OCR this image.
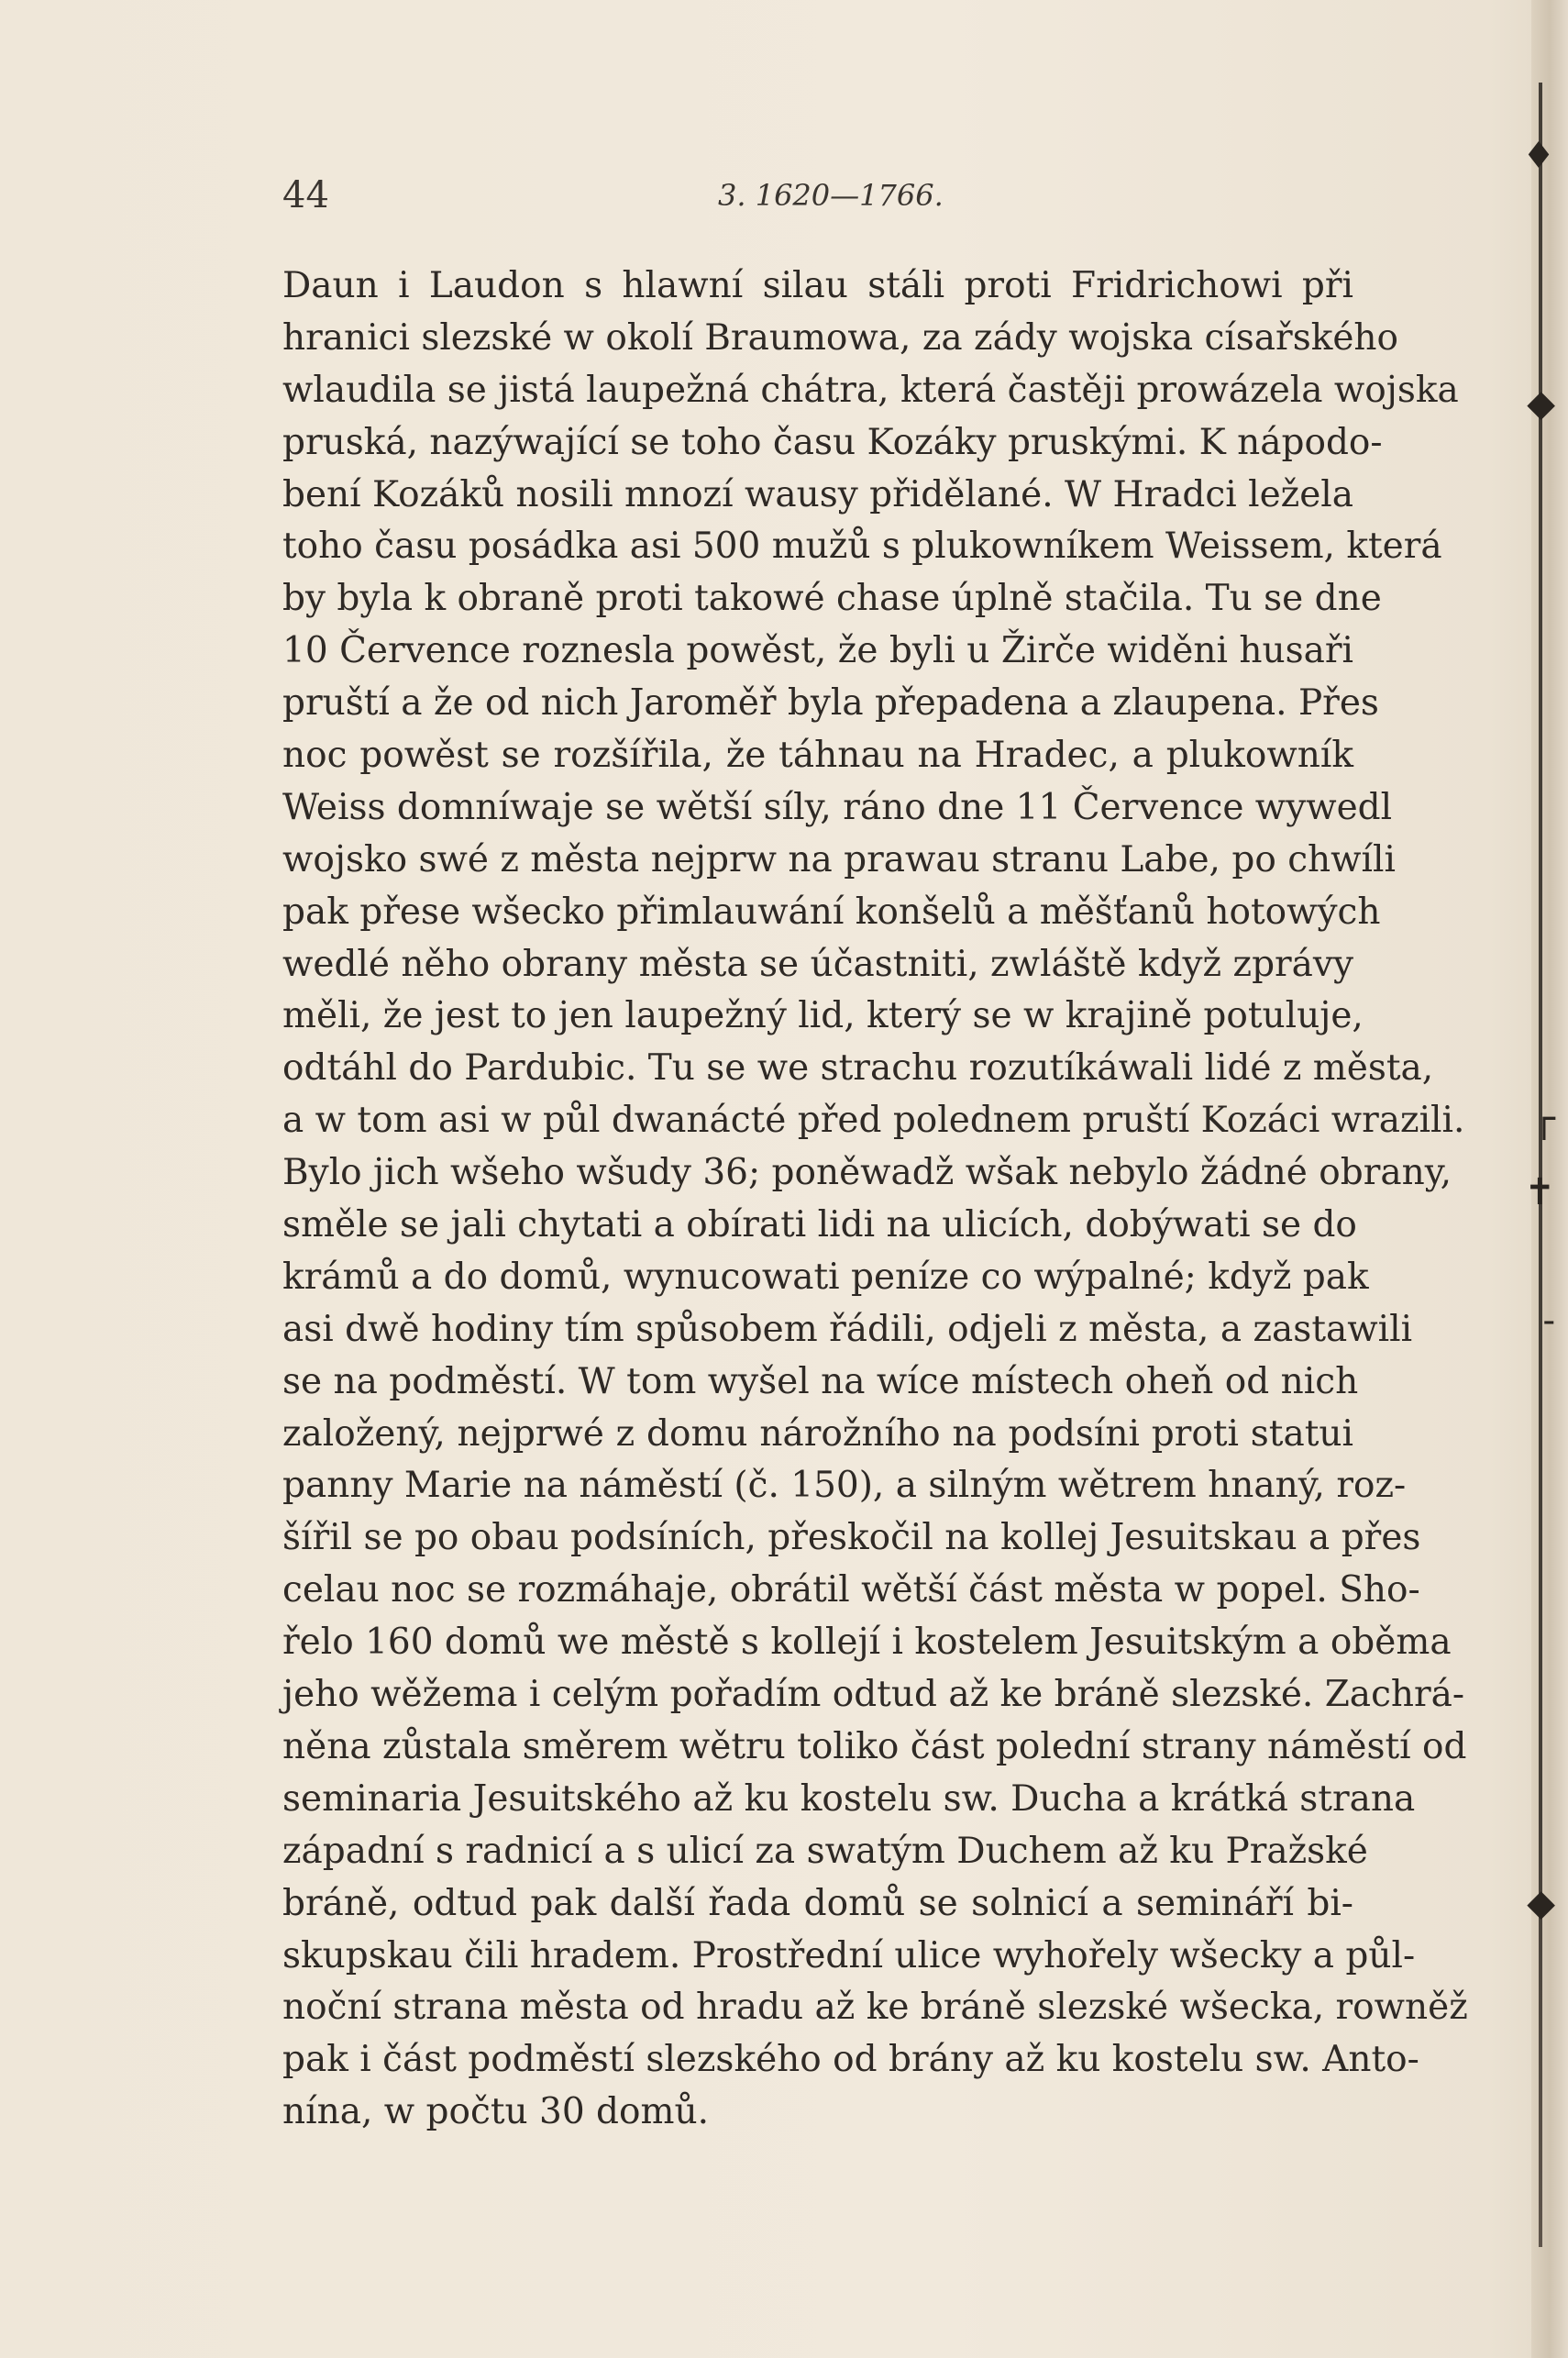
♦
◆
┌
✝
-
◆
44	3. 1620—1766.
Daun i Laudon s hlawní silau stáli proti Fridrichowi při
hranici slezské w okolí Braumowa, za zády wojska císařského
wlaudila se jistá laupežná chátra, která častěji prowázela wojska
pruská, nazýwající se toho času Kozáky pruskými. K nápodo-
bení Kozáků nosili mnozí wausy přidělané. W Hradci ležela
toho času posádka asi 500 mužů s plukowníkem Weissem, která
by byla k obraně proti takowé chase úplně stačila. Tu se dne
10 Července roznesla powěst, že byli u Žirče widěni husaři
pruští a že od nich Jaroměř byla přepadena a zlaupena. Přes
noc powěst se rozšířila, že táhnau na Hradec, a plukowník
Weiss domníwaje se wětší síly, ráno dne 11 Července wywedl
wojsko swé z města nejprw na prawau stranu Labe, po chwíli
pak přese wšecko přimlauwání konšelů a měšťanů hotowých
wedlé něho obrany města se účastniti, zwláště když zprávy
měli, že jest to jen laupežný lid, který se w krajině potuluje,
odtáhl do Pardubic. Tu se we strachu rozutíkáwali lidé z města,
a w tom asi w půl dwanácté před polednem pruští Kozáci wrazili.
Bylo jich wšeho wšudy 36; poněwadž wšak nebylo žádné obrany,
směle se jali chytati a obírati lidi na ulicích, dobýwati se do
krámů a do domů, wynucowati peníze co wýpalné; když pak
asi dwě hodiny tím spůsobem řádili, odjeli z města, a zastawili
se na podměstí. W tom wyšel na wíce místech oheň od nich
založený, nejprwé z domu nárožního na podsíni proti statui
panny Marie na náměstí (č. 150), a silným wětrem hnaný, roz-
šířil se po obau podsíních, přeskočil na kollej Jesuitskau a přes
celau noc se rozmáhaje, obrátil wětší část města w popel. Sho-
řelo 160 domů we městě s kollejí i kostelem Jesuitským a oběma
jeho wěžema i celým pořadím odtud až ke bráně slezské. Zachrá-
něna zůstala směrem wětru toliko část polední strany náměstí od
seminaria Jesuitského až ku kostelu sw. Ducha a krátká strana
západní s radnicí a s ulicí za swatým Duchem až ku Pražské
bráně, odtud pak další řada domů se solnicí a semináří bi-
skupskau čili hradem. Prostřední ulice wyhořely wšecky a půl-
noční strana města od hradu až ke bráně slezské wšecka, rowněž
pak i část podměstí slezského od brány až ku kostelu sw. Anto-
nína, w počtu 30 domů.
